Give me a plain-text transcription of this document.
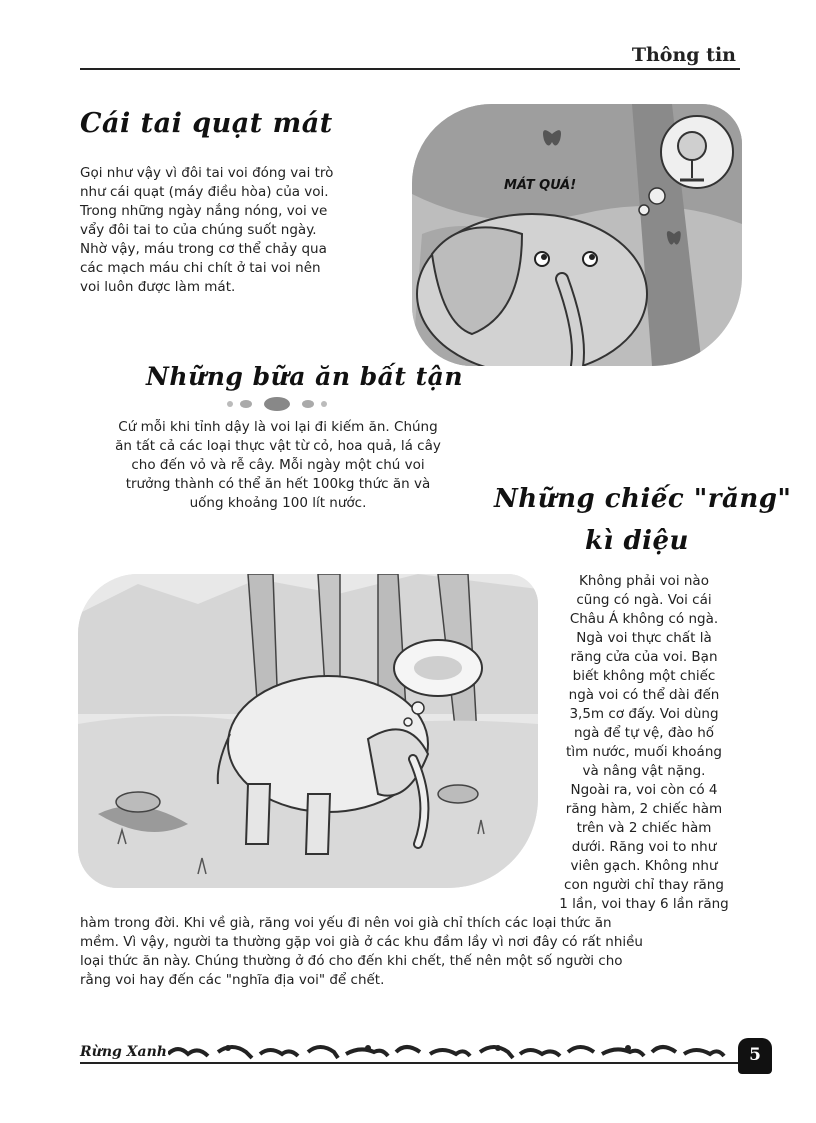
Thông tin
Cái tai quạt mát
Gọi như vậy vì đôi tai voi đóng vai trò
như cái quạt (máy điều hòa) của voi.
Trong những ngày nắng nóng, voi ve
vẩy đôi tai to của chúng suốt ngày.
Nhờ vậy, máu trong cơ thể chảy qua
các mạch máu chi chít ở tai voi nên
voi luôn được làm mát.
MÁT QUÁ!
Những bữa ăn bất tận
Cứ mỗi khi tỉnh dậy là voi lại đi kiếm ăn. Chúng
ăn tất cả các loại thực vật từ cỏ, hoa quả, lá cây
cho đến vỏ và rễ cây. Mỗi ngày một chú voi
trưởng thành có thể ăn hết 100kg thức ăn và
uống khoảng 100 lít nước.	Những chiếc "răng"
kì diệu
Không phải voi nào
cũng có ngà. Voi cái
Châu Á không có ngà.
Ngà voi thực chất là
răng cửa của voi. Bạn
biết không một chiếc
ngà voi có thể dài đến
3,5m cơ đấy. Voi dùng
ngà để tự vệ, đào hố
tìm nước, muối khoáng
và nâng vật nặng.
Ngoài ra, voi còn có 4
răng hàm, 2 chiếc hàm
trên và 2 chiếc hàm
dưới. Răng voi to như
viên gạch. Không như
con người chỉ thay răng
1 lần, voi thay 6 lần răng
hàm trong đời. Khi về già, răng voi yếu đi nên voi già chỉ thích các loại thức ăn
mềm. Vì vậy, người ta thường gặp voi già ở các khu đầm lầy vì nơi đây có rất nhiều
loại thức ăn này. Chúng thường ở đó cho đến khi chết, thế nên một số người cho
rằng voi hay đến các "nghĩa địa voi" để chết.
Rừng Xanh	5
